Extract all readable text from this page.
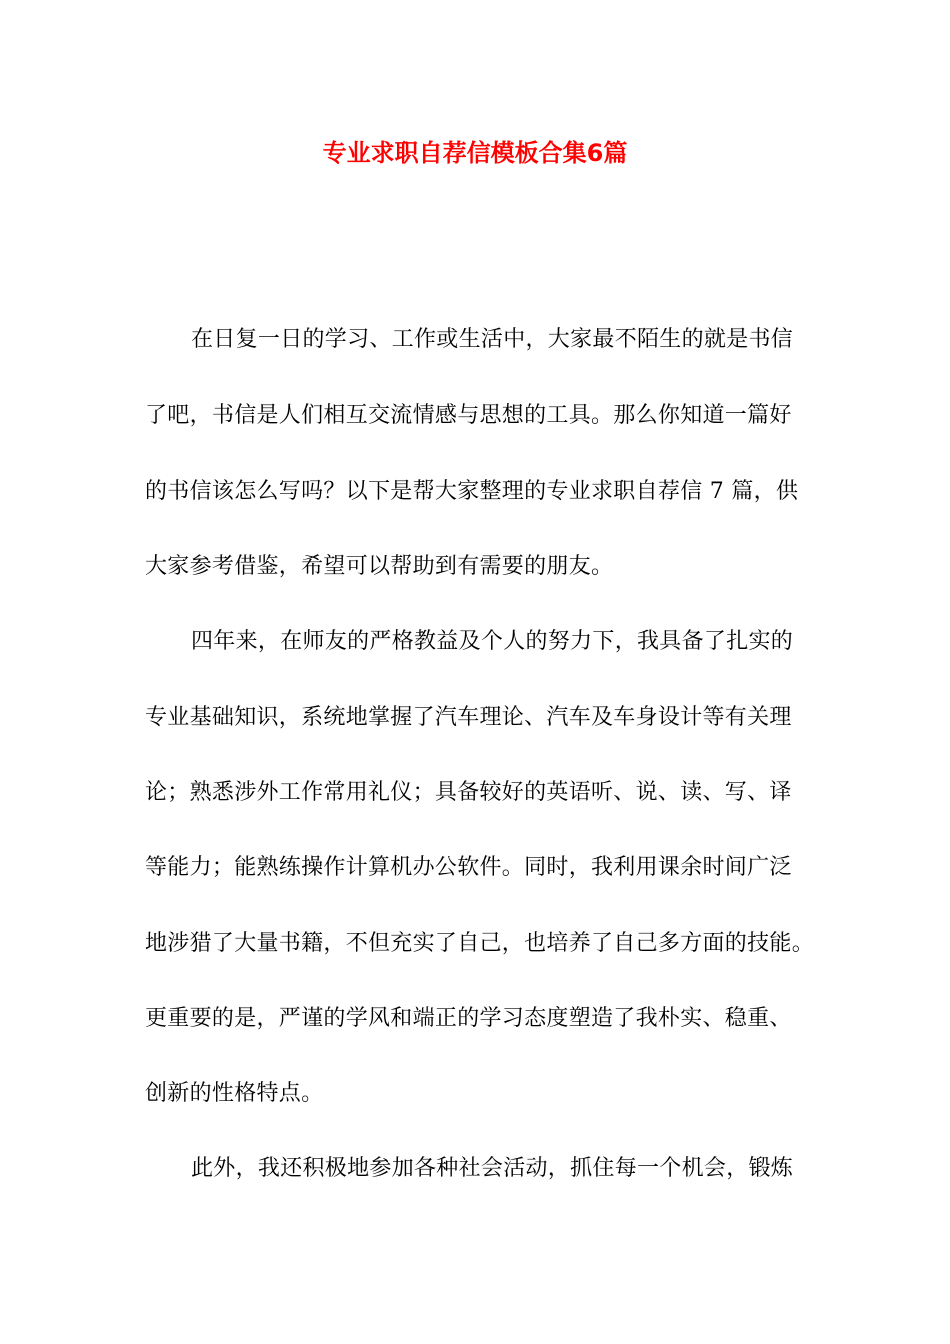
专业求职自荐信模板合集6篇
在日复一日的学习、工作或生活中，大家最不陌生的就是书信
了吧，书信是人们相互交流情感与思想的工具。那么你知道一篇好
的书信该怎么写吗？以下是帮大家整理的专业求职自荐信 7 篇，供
大家参考借鉴，希望可以帮助到有需要的朋友。
四年来，在师友的严格教益及个人的努力下，我具备了扎实的
专业基础知识，系统地掌握了汽车理论、汽车及车身设计等有关理
论；熟悉涉外工作常用礼仪；具备较好的英语听、说、读、写、译
等能力；能熟练操作计算机办公软件。同时，我利用课余时间广泛
地涉猎了大量书籍，不但充实了自己，也培养了自己多方面的技能。
更重要的是，严谨的学风和端正的学习态度塑造了我朴实、稳重、
创新的性格特点。
此外，我还积极地参加各种社会活动，抓住每一个机会，锻炼
